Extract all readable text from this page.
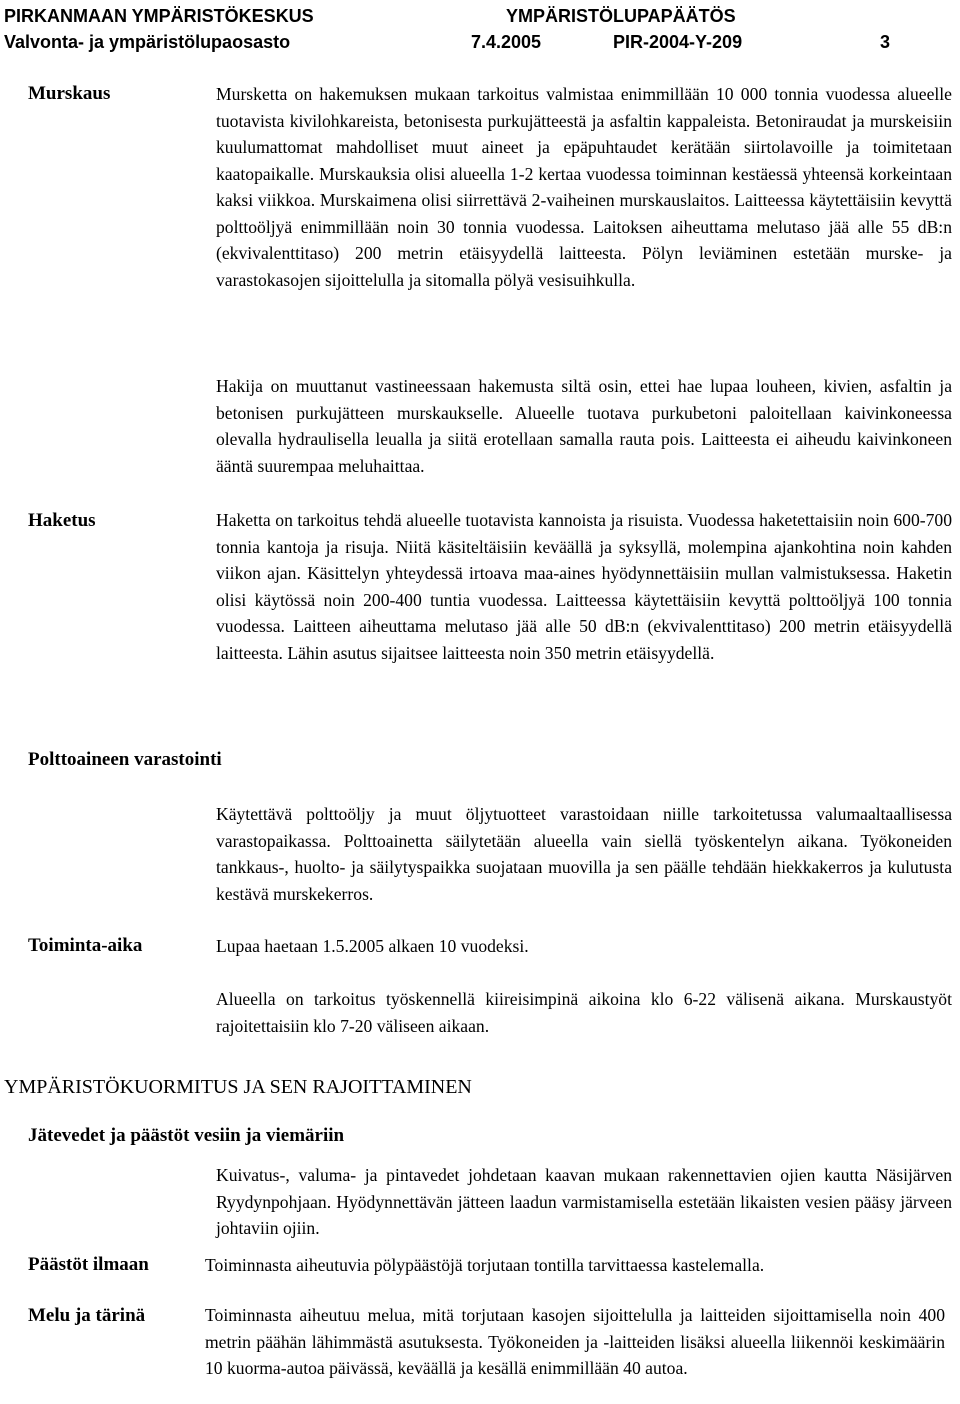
PIRKANMAAN YMPÄRISTÖKESKUS	YMPÄRISTÖLUPAPÄÄTÖS
Valvonta- ja ympäristölupaosasto	7.4.2005	PIR-2004-Y-209	3
Murskaus	Mursketta on hakemuksen mukaan tarkoitus valmistaa enimmillään 10 000 tonnia vuodessa alueelle tuotavista kivilohkareista, betonisesta purkujätteestä ja asfaltin kappaleista. Betoniraudat ja murskeisiin kuulumattomat mahdolliset muut aineet ja epäpuhtaudet kerätään siirtolavoille ja toimitetaan kaatopaikalle. Murskauksia olisi alueella 1-2 kertaa vuodessa toiminnan kestäessä yhteensä korkeintaan kaksi viikkoa. Murskaimena olisi siirrettävä 2-vaiheinen murskauslaitos. Laitteessa käytettäisiin kevyttä polttoöljyä enimmillään noin 30 tonnia vuodessa. Laitoksen aiheuttama melutaso jää alle 55 dB:n (ekvivalenttitaso) 200 metrin etäisyydellä laitteesta. Pölyn leviäminen estetään murske- ja varastokasojen sijoittelulla ja sitomalla pölyä vesisuihkulla.
Hakija on muuttanut vastineessaan hakemusta siltä osin, ettei hae lupaa louheen, kivien, asfaltin ja betonisen purkujätteen murskaukselle. Alueelle tuotava purkubetoni paloitellaan kaivinkoneessa olevalla hydraulisella leualla ja siitä erotellaan samalla rauta pois. Laitteesta ei aiheudu kaivinkoneen ääntä suurempaa meluhaittaa.
Haketus	Haketta on tarkoitus tehdä alueelle tuotavista kannoista ja risuista. Vuodessa haketettaisiin noin 600-700 tonnia kantoja ja risuja. Niitä käsiteltäisiin keväällä ja syksyllä, molempina ajankohtina noin kahden viikon ajan. Käsittelyn yhteydessä irtoava maa-aines hyödynnettäisiin mullan valmistuksessa. Haketin olisi käytössä noin 200-400 tuntia vuodessa. Laitteessa käytettäisiin kevyttä polttoöljyä 100 tonnia vuodessa. Laitteen aiheuttama melutaso jää alle 50 dB:n (ekvivalenttitaso) 200 metrin etäisyydellä laitteesta. Lähin asutus sijaitsee laitteesta noin 350 metrin etäisyydellä.
Polttoaineen varastointi
Käytettävä polttoöljy ja muut öljytuotteet varastoidaan niille tarkoitetussa valumaaltaallisessa varastopaikassa. Polttoainetta säilytetään alueella vain siellä työskentelyn aikana. Työkoneiden tankkaus-, huolto- ja säilytyspaikka suojataan muovilla ja sen päälle tehdään hiekkakerros ja kulutusta kestävä murskekerros.
Toiminta-aika	Lupaa haetaan 1.5.2005 alkaen 10 vuodeksi.
Alueella on tarkoitus työskennellä kiireisimpinä aikoina klo 6-22 välisenä aikana. Murskaustyöt rajoitettaisiin klo 7-20 väliseen aikaan.
YMPÄRISTÖKUORMITUS JA SEN RAJOITTAMINEN
Jätevedet ja päästöt vesiin ja viemäriin
Kuivatus-, valuma- ja pintavedet johdetaan kaavan mukaan rakennettavien ojien kautta Näsijärven Ryydynpohjaan. Hyödynnettävän jätteen laadun varmistamisella estetään likaisten vesien pääsy järveen johtaviin ojiin.
Päästöt ilmaan	Toiminnasta aiheutuvia pölypäästöjä torjutaan tontilla tarvittaessa kastelemalla.
Melu ja tärinä	Toiminnasta aiheutuu melua, mitä torjutaan kasojen sijoittelulla ja laitteiden sijoittamisella noin 400 metrin päähän lähimmästä asutuksesta. Työkoneiden ja -laitteiden lisäksi alueella liikennöi keskimäärin 10 kuorma-autoa päivässä, keväällä ja kesällä enimmillään 40 autoa.
